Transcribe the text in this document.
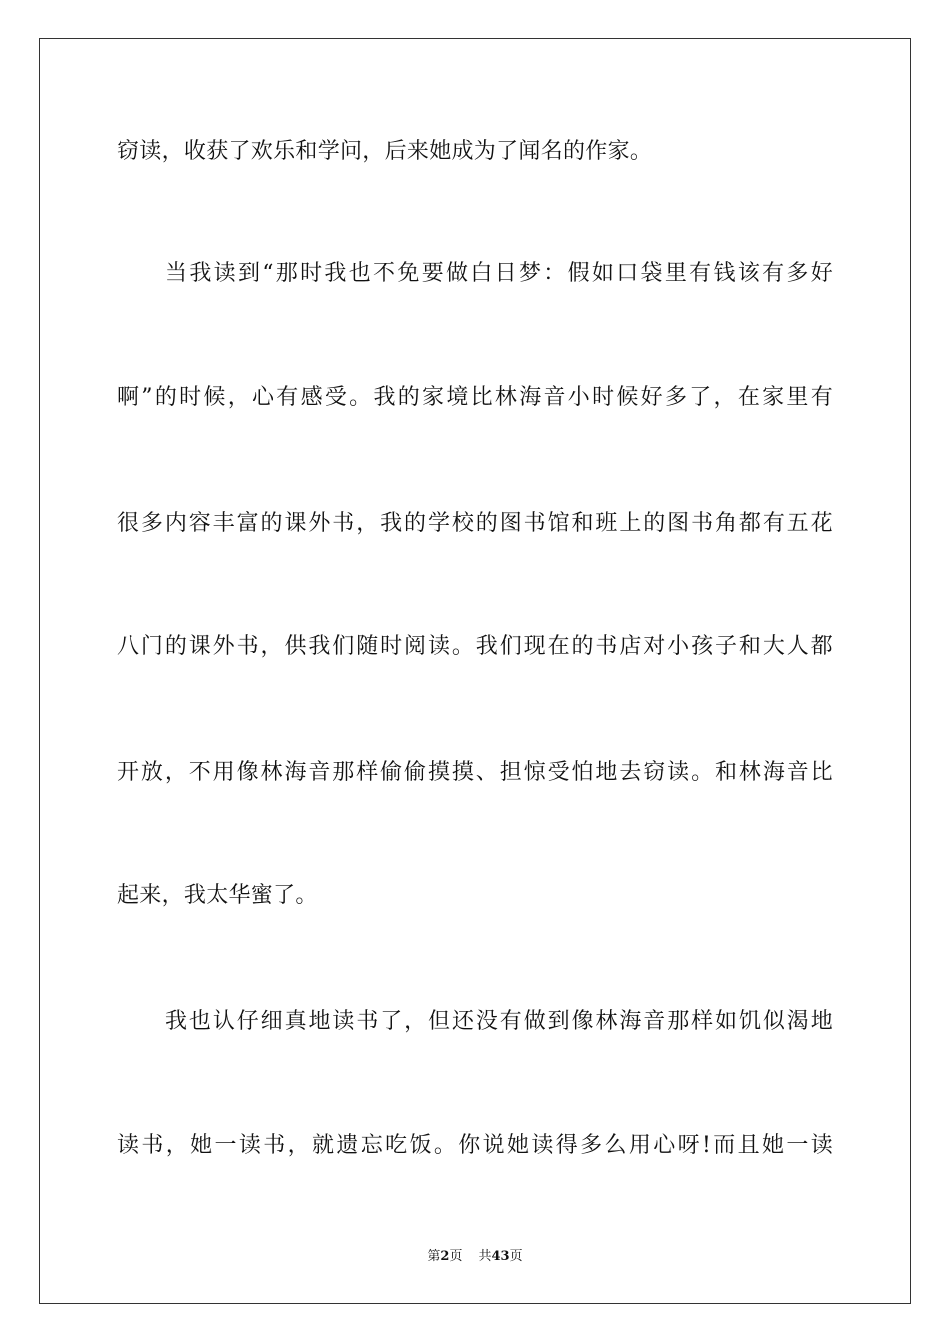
窃读，收获了欢乐和学问，后来她成为了闻名的作家。
当我读到“那时我也不免要做白日梦：假如口袋里有钱该有多好
啊”的时候，心有感受。我的家境比林海音小时候好多了，在家里有
很多内容丰富的课外书，我的学校的图书馆和班上的图书角都有五花
八门的课外书，供我们随时阅读。我们现在的书店对小孩子和大人都
开放，不用像林海音那样偷偷摸摸、担惊受怕地去窃读。和林海音比
起来，我太华蜜了。
我也认仔细真地读书了，但还没有做到像林海音那样如饥似渴地
读书，她一读书，就遗忘吃饭。你说她读得多么用心呀!而且她一读
第2页 共43页
